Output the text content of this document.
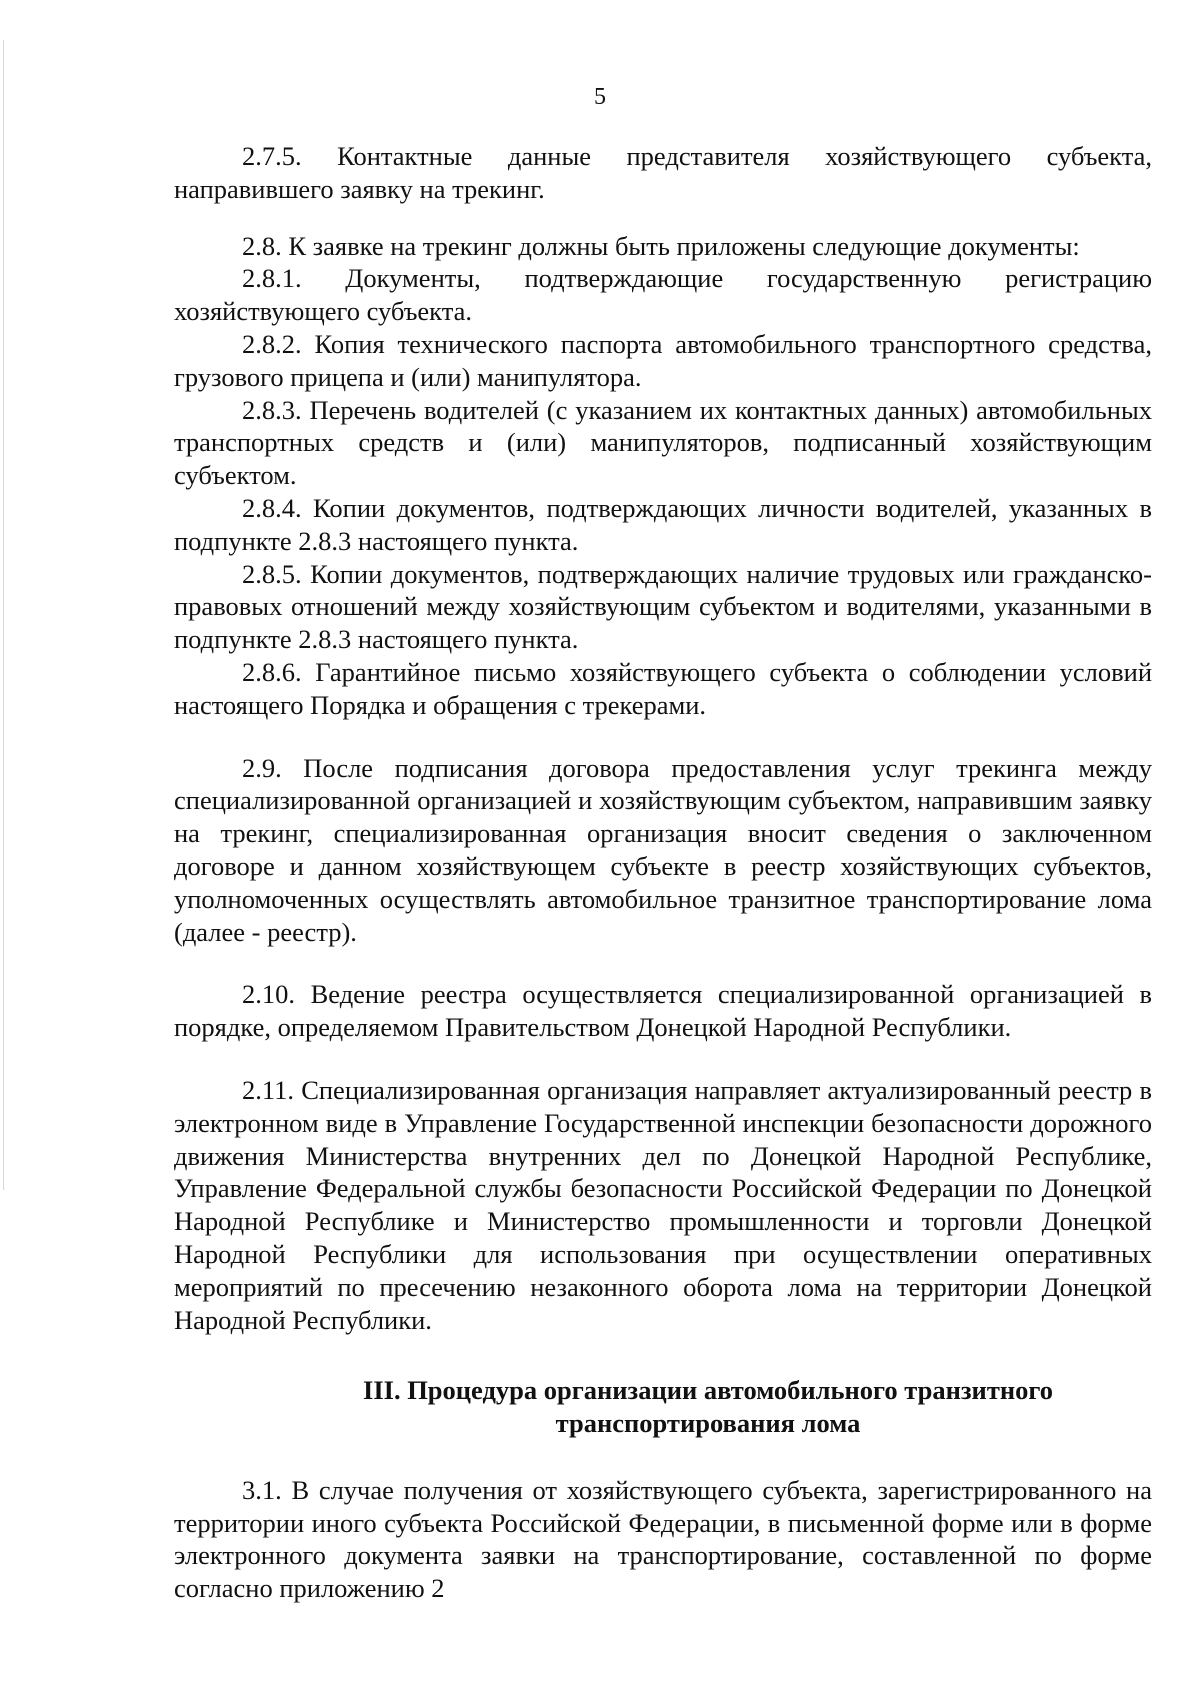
5

2.7.5. Контактные данные представителя хозяйствующего субъекта, направившего заявку на трекинг.

2.8. К заявке на трекинг должны быть приложены следующие документы:

2.8.1. Документы, подтверждающие государственную регистрацию хозяйствующего субъекта.

2.8.2. Копия технического паспорта автомобильного транспортного средства, грузового прицепа и (или) манипулятора.

2.8.3. Перечень водителей (с указанием их контактных данных) автомобильных транспортных средств и (или) манипуляторов, подписанный хозяйствующим субъектом.

2.8.4. Копии документов, подтверждающих личности водителей, указанных в подпункте 2.8.3 настоящего пункта.

2.8.5. Копии документов, подтверждающих наличие трудовых или гражданско-правовых отношений между хозяйствующим субъектом и водителями, указанными в подпункте 2.8.3 настоящего пункта.

2.8.6. Гарантийное письмо хозяйствующего субъекта о соблюдении условий настоящего Порядка и обращения с трекерами.

2.9. После подписания договора предоставления услуг трекинга между специализированной организацией и хозяйствующим субъектом, направившим заявку на трекинг, специализированная организация вносит сведения о заключенном договоре и данном хозяйствующем субъекте в реестр хозяйствующих субъектов, уполномоченных осуществлять автомобильное транзитное транспортирование лома (далее - реестр).

2.10. Ведение реестра осуществляется специализированной организацией в порядке, определяемом Правительством Донецкой Народной Республики.

2.11. Специализированная организация направляет актуализированный реестр в электронном виде в Управление Государственной инспекции безопасности дорожного движения Министерства внутренних дел по Донецкой Народной Республике, Управление Федеральной службы безопасности Российской Федерации по Донецкой Народной Республике и Министерство промышленности и торговли Донецкой Народной Республики для использования при осуществлении оперативных мероприятий по пресечению незаконного оборота лома на территории Донецкой Народной Республики.

III. Процедура организации автомобильного транзитного транспортирования лома

3.1. В случае получения от хозяйствующего субъекта, зарегистрированного на территории иного субъекта Российской Федерации, в письменной форме или в форме электронного документа заявки на транспортирование, составленной по форме согласно приложению 2
